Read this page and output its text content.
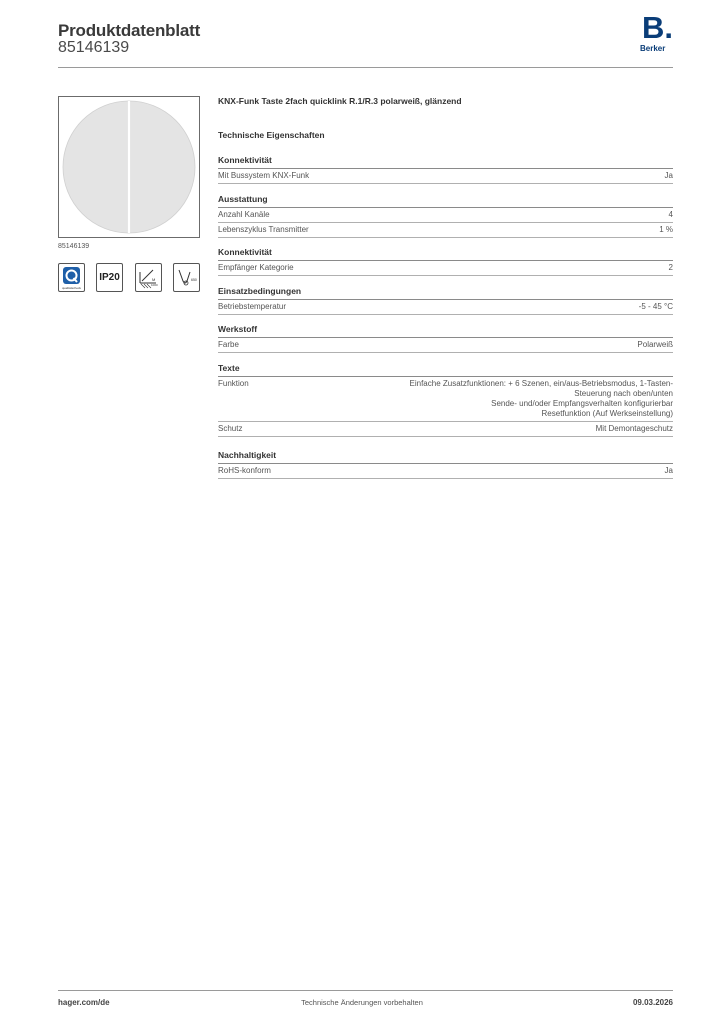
Produktdatenblatt
85146139
B.
Berker
85146139
qualitätscheck
IP20	M
1000
650
KNX-Funk Taste 2fach quicklink R.1/R.3 polarweiß, glänzend
Technische Eigenschaften
Konnektivität
Mit Bussystem KNX-Funk	Ja
Ausstattung
Anzahl Kanäle	4
Lebenszyklus Transmitter	1 %
Konnektivität
Empfänger Kategorie	2
Einsatzbedingungen
Betriebstemperatur	-5 - 45 °C
Werkstoff
Farbe	Polarweiß
Texte
Funktion	Einfache Zusatzfunktionen: + 6 Szenen, ein/aus-Betriebsmodus, 1-Tasten-
Steuerung nach oben/unten
Sende- und/oder Empfangsverhalten konfigurierbar
Resetfunktion (Auf Werkseinstellung)
Schutz	Mit Demontageschutz
Nachhaltigkeit
RoHS-konform	Ja
hager.com/de	Technische Änderungen vorbehalten	09.03.2026
